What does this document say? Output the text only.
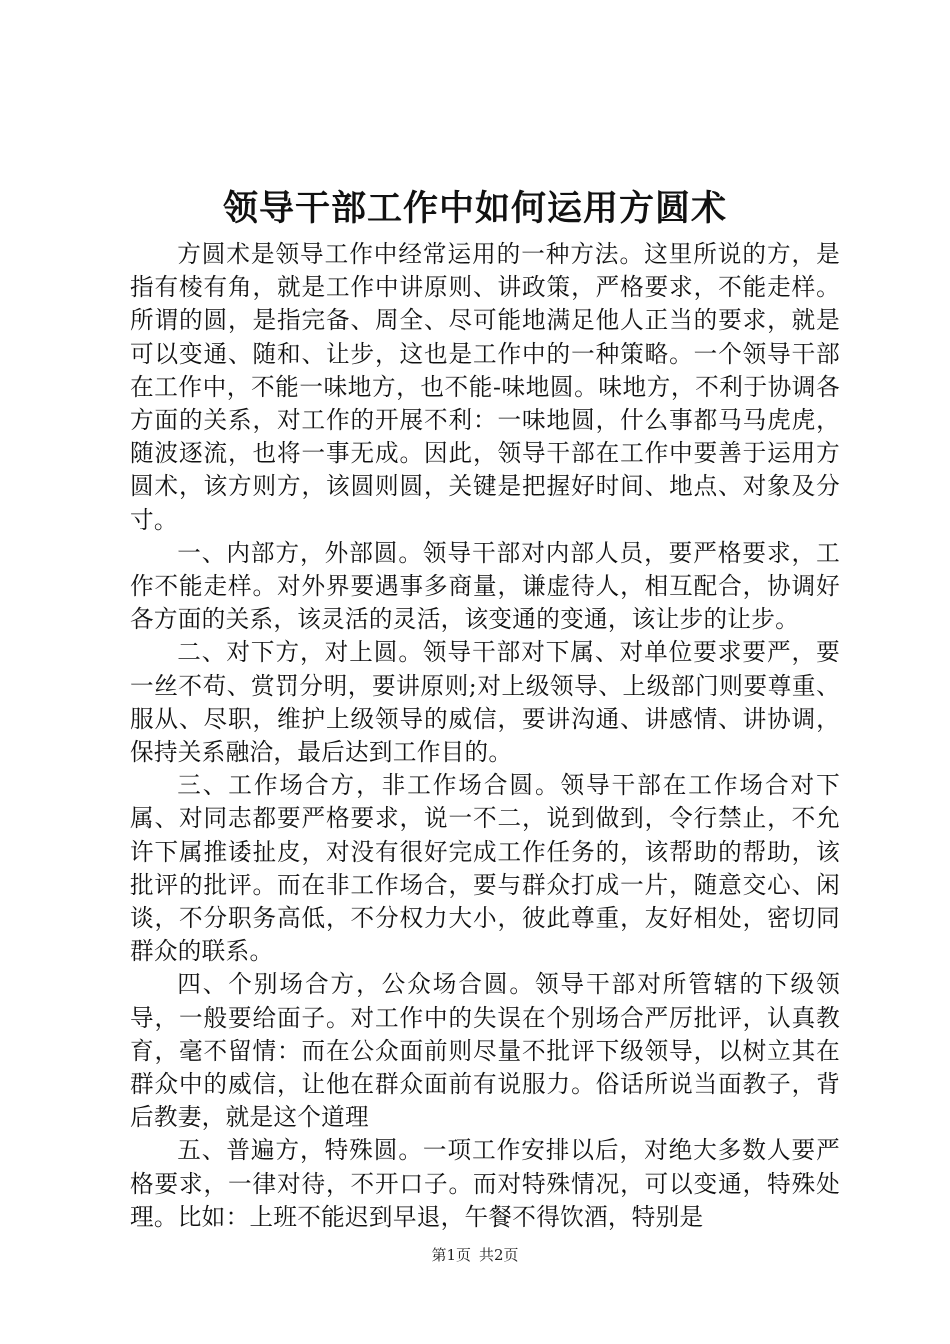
领导干部工作中如何运用方圆术

方圆术是领导工作中经常运用的一种方法。这里所说的方，是指有棱有角，就是工作中讲原则、讲政策，严格要求，不能走样。所谓的圆，是指完备、周全、尽可能地满足他人正当的要求，就是可以变通、随和、让步，这也是工作中的一种策略。一个领导干部在工作中，不能一味地方，也不能-味地圆。味地方，不利于协调各方面的关系，对工作的开展不利：一味地圆，什么事都马马虎虎，随波逐流，也将一事无成。因此，领导干部在工作中要善于运用方圆术，该方则方，该圆则圆，关键是把握好时间、地点、对象及分寸。

一、内部方，外部圆。领导干部对内部人员，要严格要求，工作不能走样。对外界要遇事多商量，谦虚待人，相互配合，协调好各方面的关系，该灵活的灵活，该变通的变通，该让步的让步。

二、对下方，对上圆。领导干部对下属、对单位要求要严，要一丝不苟、赏罚分明，要讲原则;对上级领导、上级部门则要尊重、服从、尽职，维护上级领导的威信，要讲沟通、讲感情、讲协调，保持关系融洽，最后达到工作目的。

三、工作场合方，非工作场合圆。领导干部在工作场合对下属、对同志都要严格要求，说一不二，说到做到，令行禁止，不允许下属推诿扯皮，对没有很好完成工作任务的，该帮助的帮助，该批评的批评。而在非工作场合，要与群众打成一片，随意交心、闲谈，不分职务高低，不分权力大小，彼此尊重，友好相处，密切同群众的联系。

四、个别场合方，公众场合圆。领导干部对所管辖的下级领导，一般要给面子。对工作中的失误在个别场合严厉批评，认真教育，毫不留情：而在公众面前则尽量不批评下级领导，以树立其在群众中的威信，让他在群众面前有说服力。俗话所说当面教子，背后教妻，就是这个道理

五、普遍方，特殊圆。一项工作安排以后，对绝大多数人要严格要求，一律对待，不开口子。而对特殊情况，可以变通，特殊处理。比如：上班不能迟到早退，午餐不得饮酒，特别是

第1页 共2页
